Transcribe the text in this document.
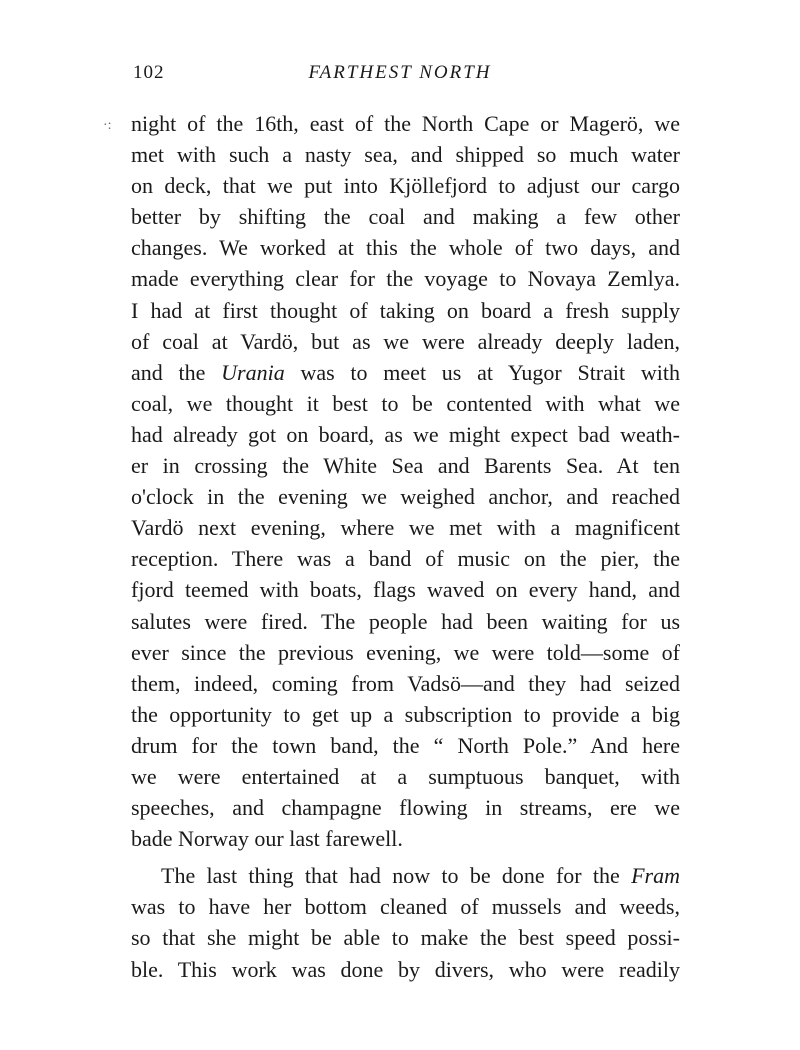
102	FARTHEST NORTH
·: night of the 16th, east of the North Cape or Magerö, we
met with such a nasty sea, and shipped so much water
on deck, that we put into Kjöllefjord to adjust our cargo
better by shifting the coal and making a few other
changes. We worked at this the whole of two days, and
made everything clear for the voyage to Novaya Zemlya.
I had at first thought of taking on board a fresh supply
of coal at Vardö, but as we were already deeply laden,
and the Urania was to meet us at Yugor Strait with
coal, we thought it best to be contented with what we
had already got on board, as we might expect bad weath-
er in crossing the White Sea and Barents Sea. At ten
o'clock in the evening we weighed anchor, and reached
Vardö next evening, where we met with a magnificent
reception. There was a band of music on the pier, the
fjord teemed with boats, flags waved on every hand, and
salutes were fired. The people had been waiting for us
ever since the previous evening, we were told—some of
them, indeed, coming from Vadsö—and they had seized
the opportunity to get up a subscription to provide a big
drum for the town band, the “ North Pole.” And here
we were entertained at a sumptuous banquet, with
speeches, and champagne flowing in streams, ere we
bade Norway our last farewell.
The last thing that had now to be done for the Fram
was to have her bottom cleaned of mussels and weeds,
so that she might be able to make the best speed possi-
ble. This work was done by divers, who were readily
